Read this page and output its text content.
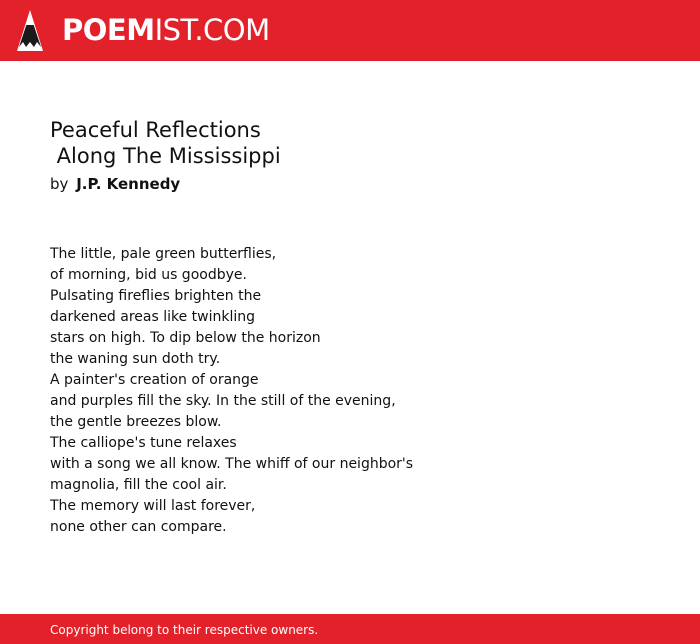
POEMIST.COM
Peaceful Reflections
Along The Mississippi
by J.P. Kennedy
The little, pale green butterflies,
of morning, bid us goodbye.
Pulsating fireflies brighten the
darkened areas like twinkling
stars on high. To dip below the horizon
the waning sun doth try.
A painter's creation of orange
and purples fill the sky. In the still of the evening,
the gentle breezes blow.
The calliope's tune relaxes
with a song we all know. The whiff of our neighbor's
magnolia, fill the cool air.
The memory will last forever,
none other can compare.
Copyright belong to their respective owners.
